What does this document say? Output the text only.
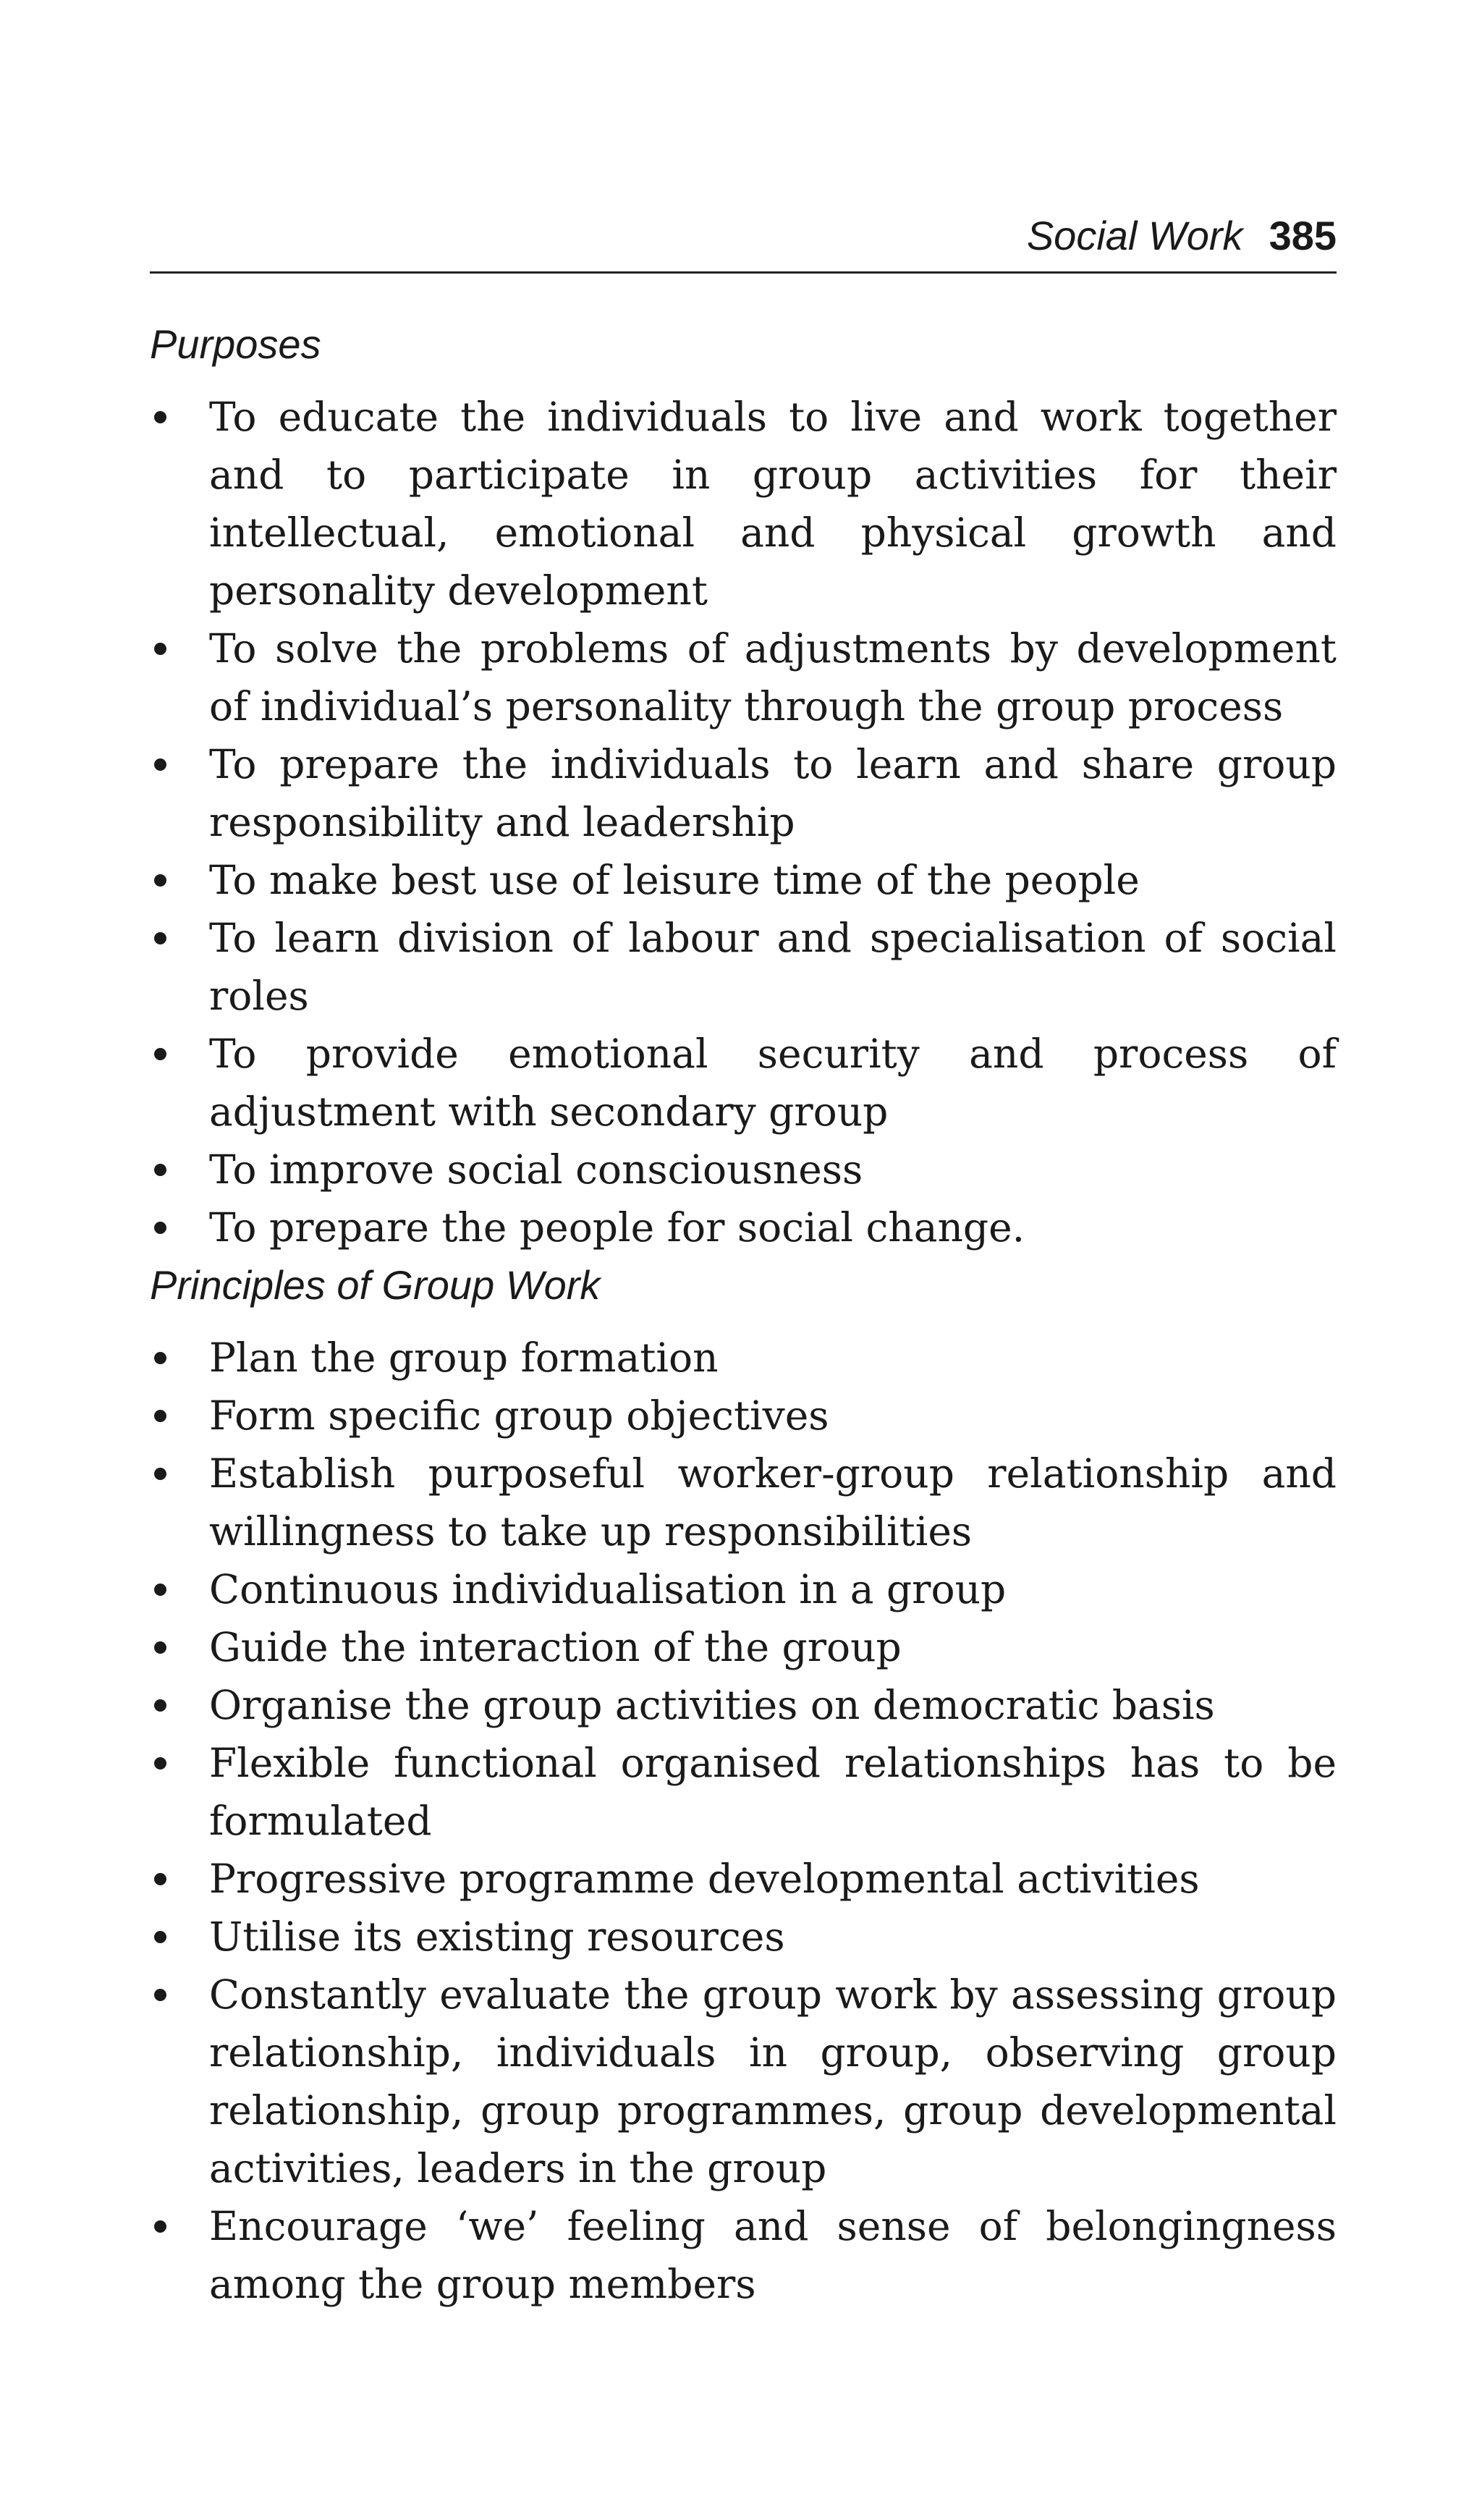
Social Work 385
Purposes
To educate the individuals to live and work together and to participate in group activities for their intellectual, emotional and physical growth and personality development
To solve the problems of adjustments by development of individual’s personality through the group process
To prepare the individuals to learn and share group responsibility and leadership
To make best use of leisure time of the people
To learn division of labour and specialisation of social roles
To provide emotional security and process of adjustment with secondary group
To improve social consciousness
To prepare the people for social change.
Principles of Group Work
Plan the group formation
Form specific group objectives
Establish purposeful worker-group relationship and willingness to take up responsibilities
Continuous individualisation in a group
Guide the interaction of the group
Organise the group activities on democratic basis
Flexible functional organised relationships has to be formulated
Progressive programme developmental activities
Utilise its existing resources
Constantly evaluate the group work by assessing group relationship, individuals in group, observing group relationship, group programmes, group developmental activities, leaders in the group
Encourage ‘we’ feeling and sense of belongingness among the group members
